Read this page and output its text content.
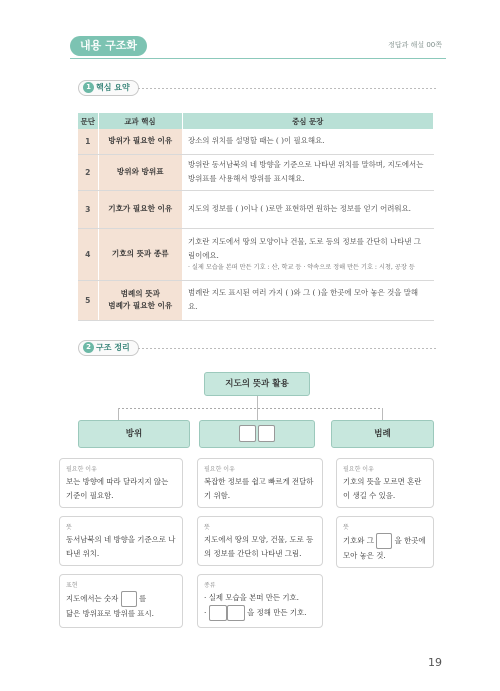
내용 구조화	정답과 해설 00쪽
1 핵심 요약
문단	교과 핵심	중심 문장
1	방위가 필요한 이유	장소의 위치를 설명할 때는 ( )이 필요해요.
2	방위와 방위표	방위란 동서남북의 네 방향을 기준으로 나타낸 위치를 말하며, 지도에서는 방위표를 사용해서 방위를 표시해요.
3	기호가 필요한 이유	지도의 정보를 ( )이나 ( )로만 표현하면 원하는 정보를 얻기 어려워요.
4	기호의 뜻과 종류	기호란 지도에서 땅의 모양이나 건물, 도로 등의 정보를 간단히 나타낸 그림이에요.
· 실제 모습을 본떠 만든 기호 : 산, 학교 등 · 약속으로 정해 만든 기호 : 시청, 공장 등

5	범례의 뜻과
범례가 필요한 이유	범례란 지도 표시된 여러 가지 ( )와 그 ( )을 한곳에 모아 놓은 것을 말해요.
2 구조 정리
지도의 뜻과 활용
방위	범례
필요한 이유
보는 방향에 따라 달라지지 않는 기준이 필요함.
뜻
동서남북의 네 방향을 기준으로 나타낸 위치.
표현
지도에서는 숫자	를
닮은 방위표로 방위를 표시.
필요한 이유
복잡한 정보를 쉽고 빠르게 전달하기 위함.
뜻
지도에서 땅의 모양, 건물, 도로 등의 정보를 간단히 나타낸 그림.
종류
· 실제 모습을 본떠 만든 기호.
·	을 정해 만든 기호.
필요한 이유
기호의 뜻을 모르면 혼란이 생길 수 있음.
뜻
기호와 그	을 한곳에
모아 놓은 것.
19
